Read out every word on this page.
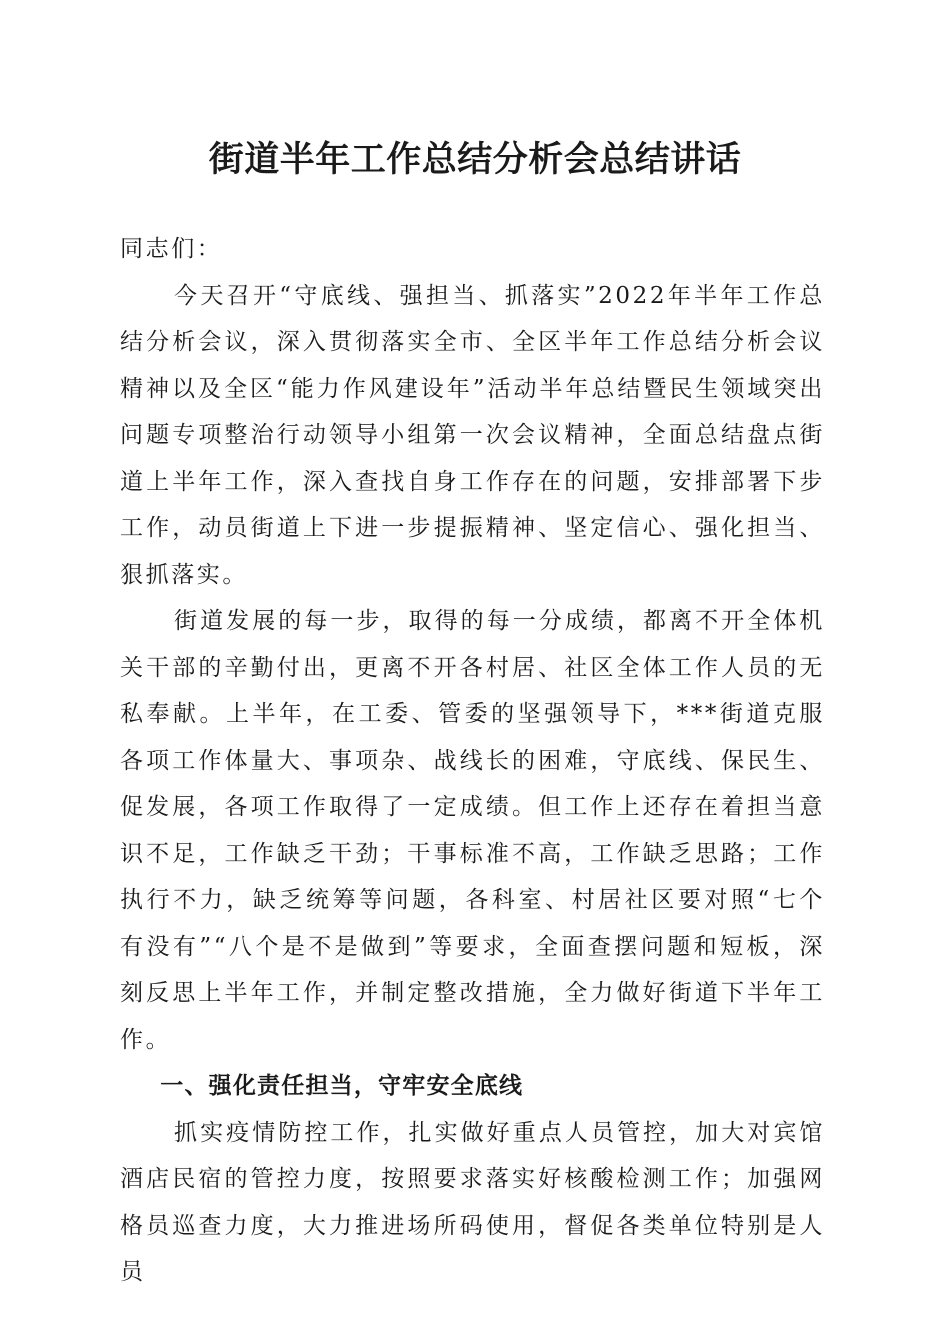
街道半年工作总结分析会总结讲话

同志们：

今天召开“守底线、强担当、抓落实”2022年半年工作总结分析会议，深入贯彻落实全市、全区半年工作总结分析会议精神以及全区“能力作风建设年”活动半年总结暨民生领域突出问题专项整治行动领导小组第一次会议精神，全面总结盘点街道上半年工作，深入查找自身工作存在的问题，安排部署下步工作，动员街道上下进一步提振精神、坚定信心、强化担当、狠抓落实。

街道发展的每一步，取得的每一分成绩，都离不开全体机关干部的辛勤付出，更离不开各村居、社区全体工作人员的无私奉献。上半年，在工委、管委的坚强领导下，***街道克服各项工作体量大、事项杂、战线长的困难，守底线、保民生、促发展，各项工作取得了一定成绩。但工作上还存在着担当意识不足，工作缺乏干劲；干事标准不高，工作缺乏思路；工作执行不力，缺乏统筹等问题，各科室、村居社区要对照“七个有没有”“八个是不是做到”等要求，全面查摆问题和短板，深刻反思上半年工作，并制定整改措施，全力做好街道下半年工作。

一、强化责任担当，守牢安全底线

抓实疫情防控工作，扎实做好重点人员管控，加大对宾馆酒店民宿的管控力度，按照要求落实好核酸检测工作；加强网格员巡查力度，大力推进场所码使用，督促各类单位特别是人员
